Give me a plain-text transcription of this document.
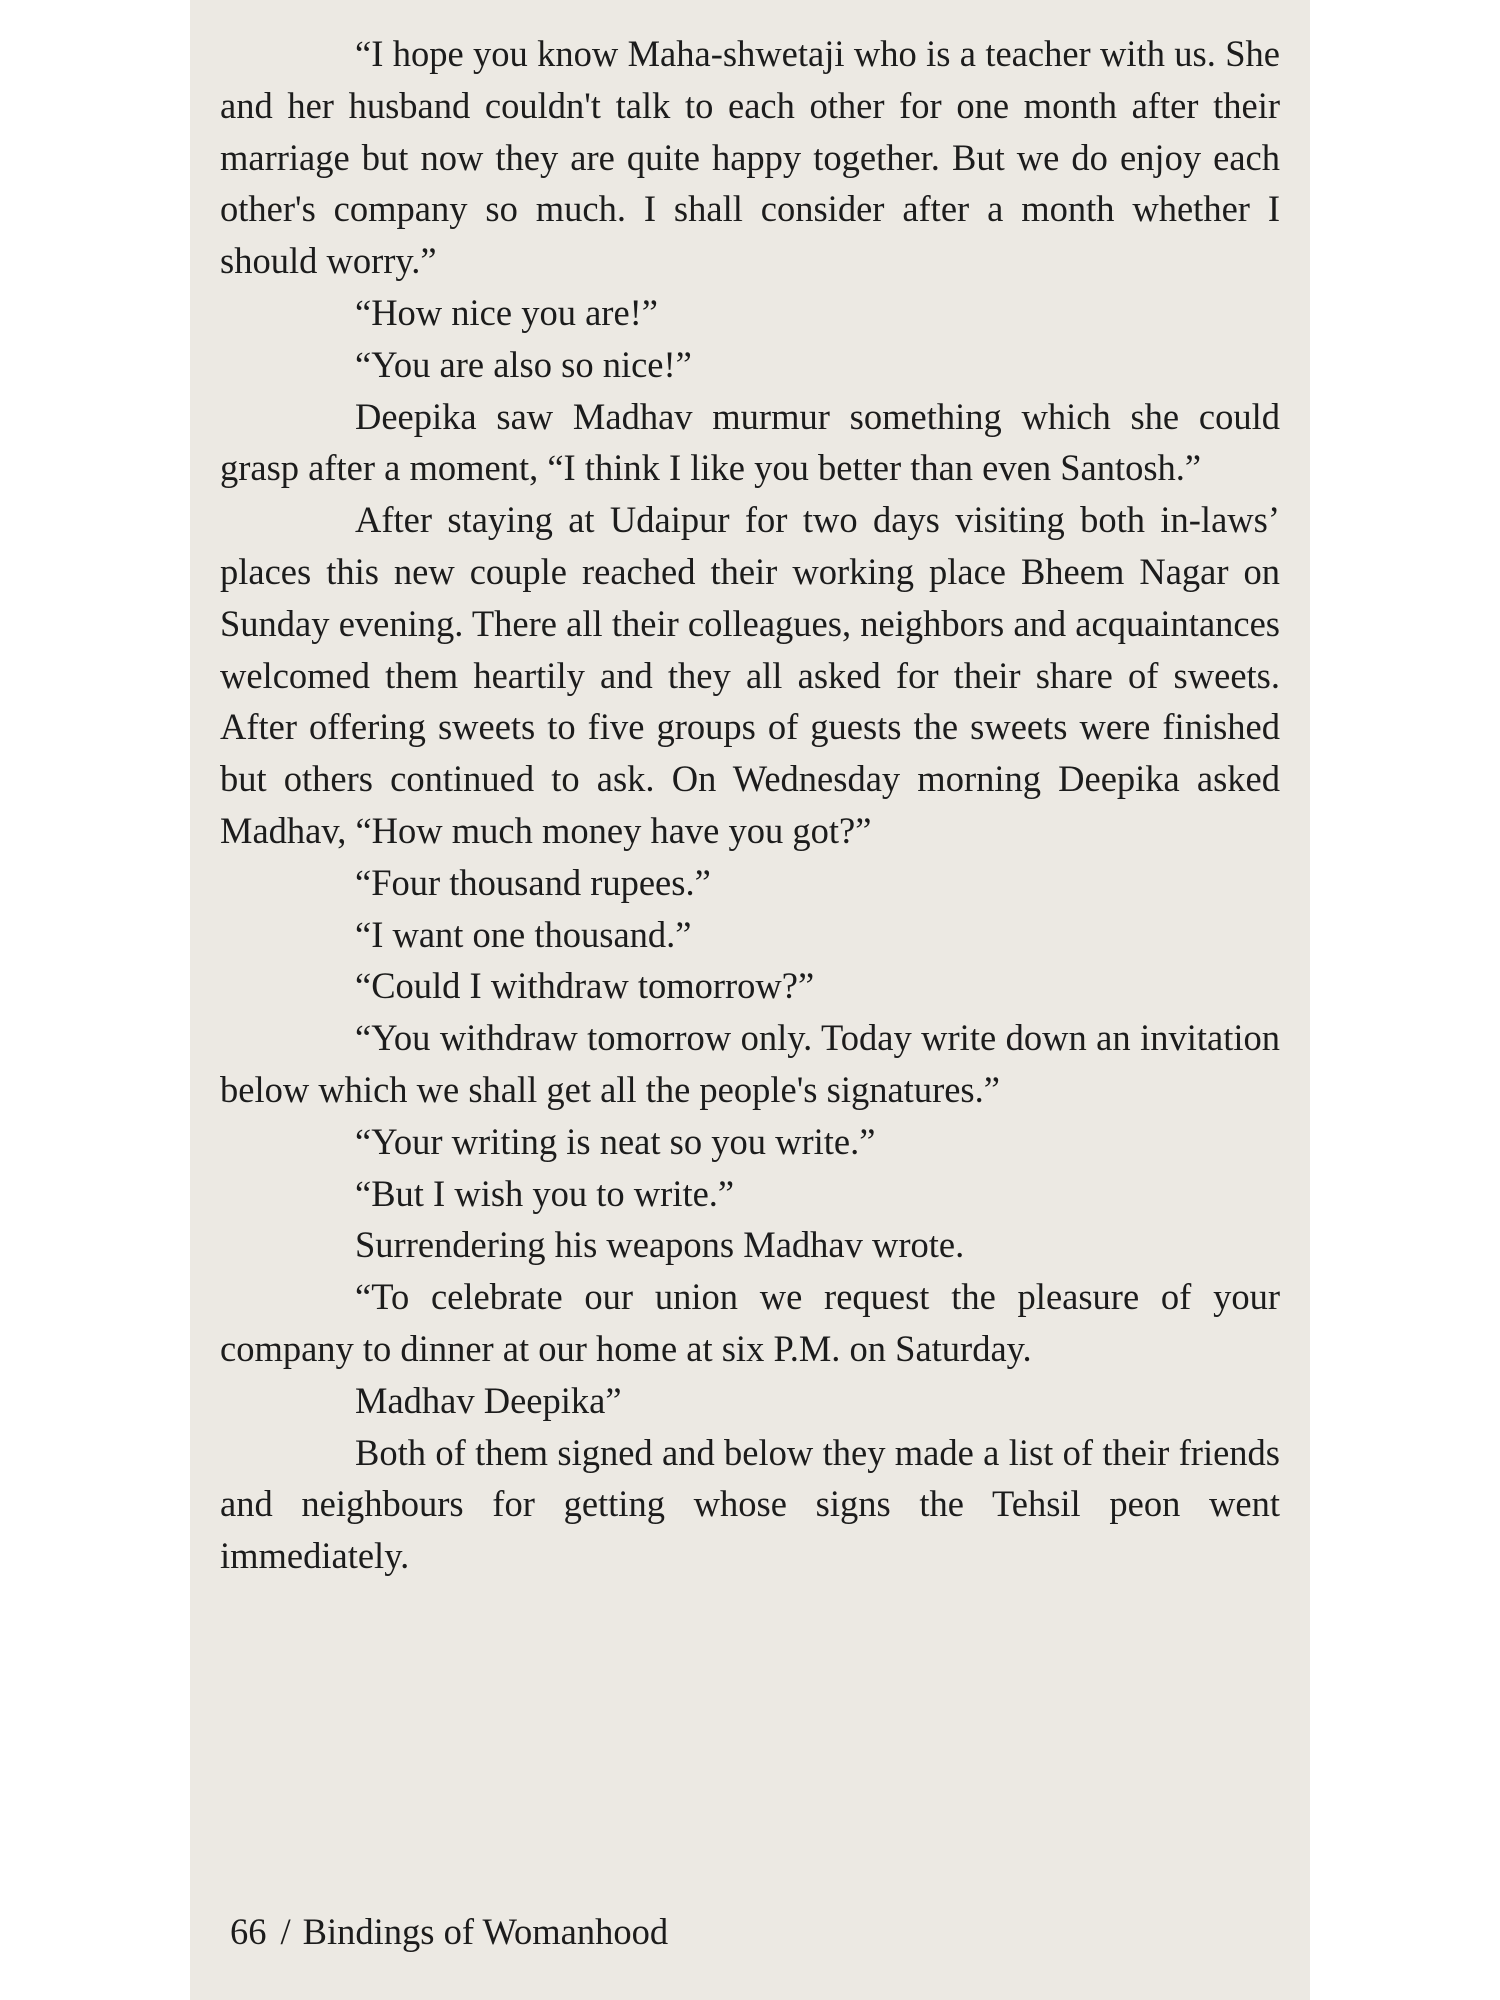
“I hope you know Maha-shwetaji who is a teacher with us. She and her husband couldn't talk to each other for one month after their marriage but now they are quite happy together. But we do enjoy each other's company so much. I shall consider after a month whether I should worry.”

“How nice you are!”

“You are also so nice!”

Deepika saw Madhav murmur something which she could grasp after a moment, “I think I like you better than even Santosh.”

After staying at Udaipur for two days visiting both in-laws’ places this new couple reached their working place Bheem Nagar on Sunday evening. There all their colleagues, neighbors and acquaintances welcomed them heartily and they all asked for their share of sweets. After offering sweets to five groups of guests the sweets were finished but others continued to ask. On Wednesday morning Deepika asked Madhav, “How much money have you got?”

“Four thousand rupees.”

“I want one thousand.”

“Could I withdraw tomorrow?”

“You withdraw tomorrow only. Today write down an invitation below which we shall get all the people's signatures.”

“Your writing is neat so you write.”

“But I wish you to write.”

Surrendering his weapons Madhav wrote.

“To celebrate our union we request the pleasure of your company to dinner at our home at six P.M. on Saturday.

Madhav Deepika”

Both of them signed and below they made a list of their friends and neighbours for getting whose signs the Tehsil peon went immediately.

66 / Bindings of Womanhood
